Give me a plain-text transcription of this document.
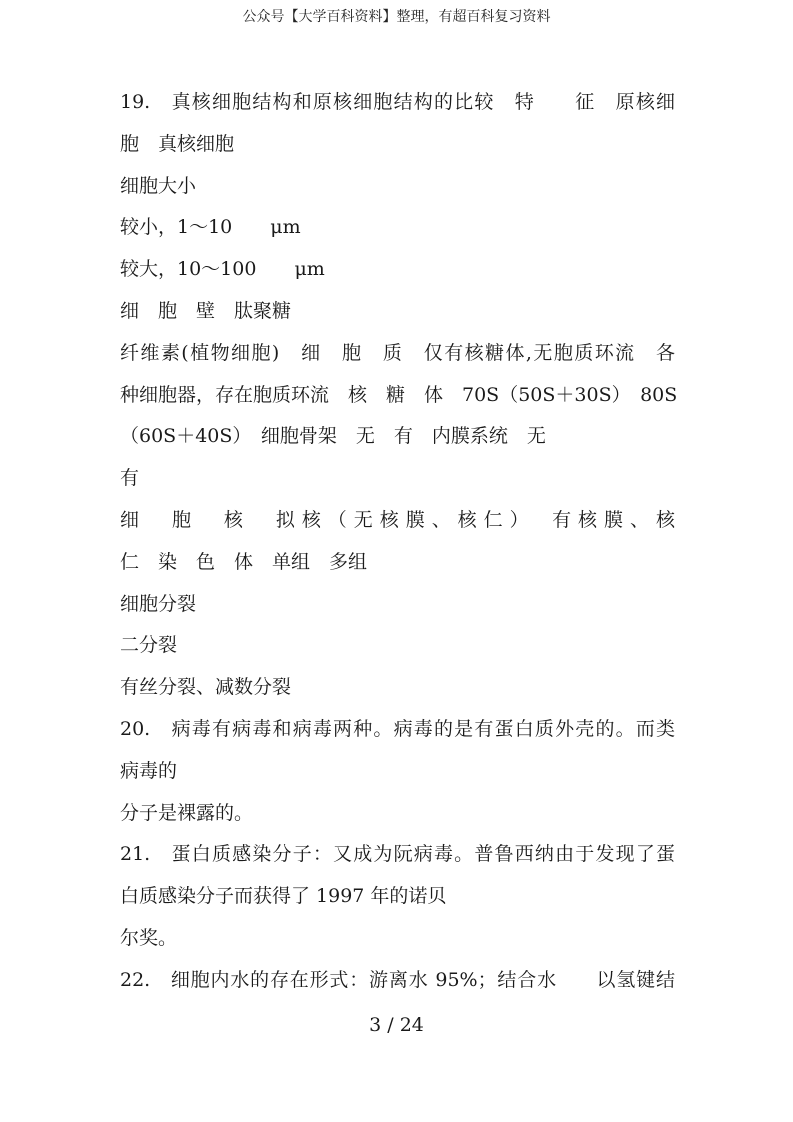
公众号【大学百科资料】整理，有超百科复习资料
19.　真核细胞结构和原核细胞结构的比较　特　　征　原核细
胞　真核细胞
细胞大小
较小，1～10　　μm
较大，10～100　　μm
细　胞　壁　肽聚糖
纤维素(植物细胞)　细　胞　质　仅有核糖体,无胞质环流　各
种细胞器，存在胞质环流　核　糖　体　70S（50S＋30S）　80S
（60S＋40S）　细胞骨架　无　有　内膜系统　无
有
细　胞　核　拟核（无核膜、核仁）　有核膜、核
仁　染　色　体　单组　多组
细胞分裂
二分裂
有丝分裂、减数分裂
20.　病毒有病毒和病毒两种。病毒的是有蛋白质外壳的。而类
病毒的
分子是裸露的。
21.　蛋白质感染分子：又成为阮病毒。普鲁西纳由于发现了蛋
白质感染分子而获得了 1997 年的诺贝
尔奖。
22.　细胞内水的存在形式：游离水 95%；结合水　　以氢键结
3 / 24
